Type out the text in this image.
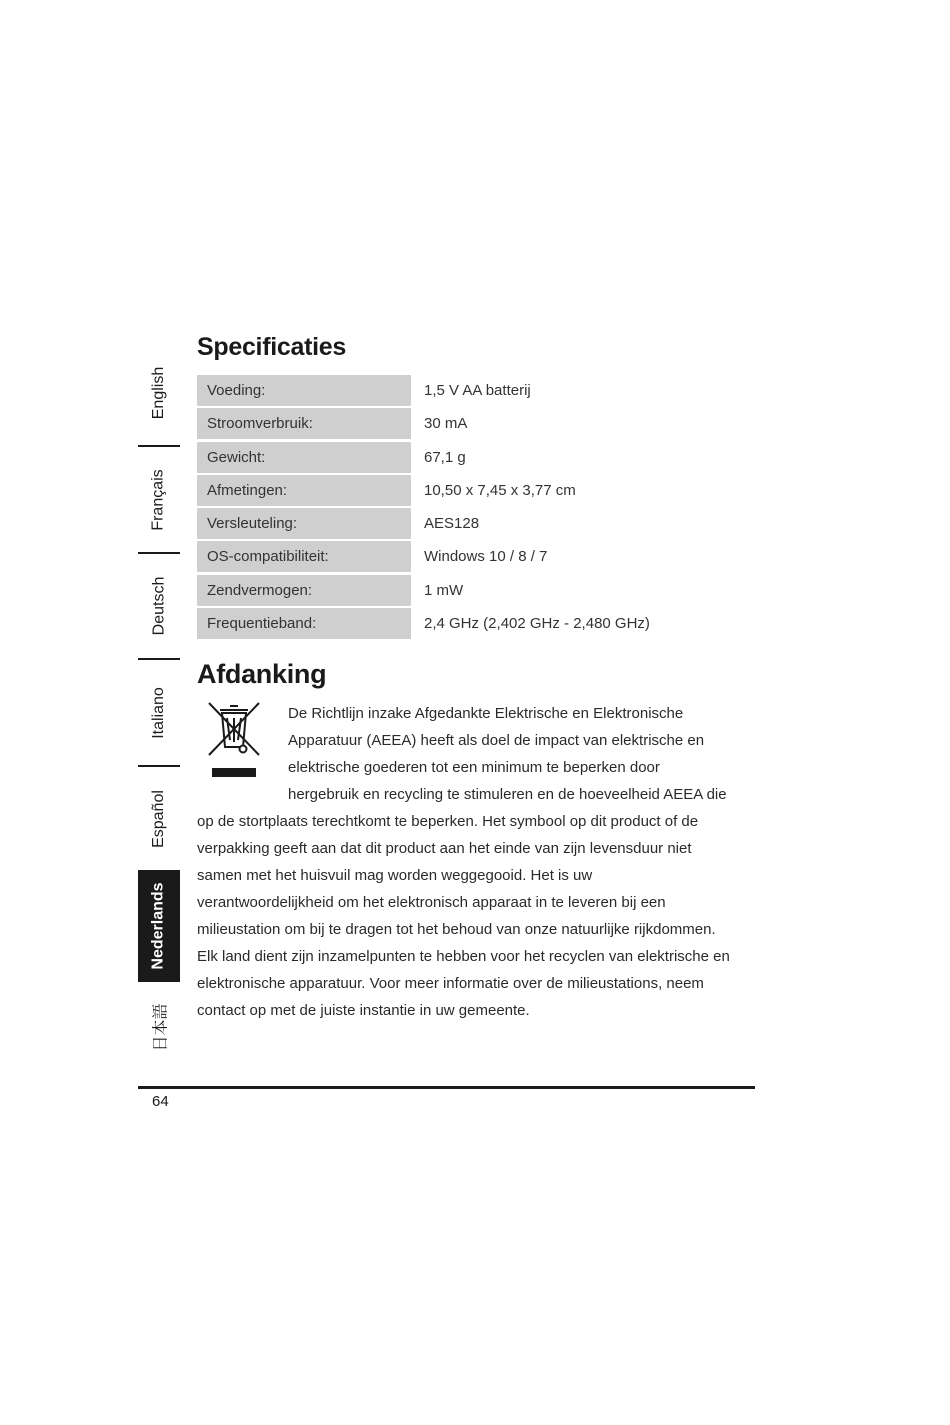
English
Français
Deutsch
Italiano
Español
Nederlands
日本語
Specificaties
Voeding:	1,5 V AA batterij
Stroomverbruik:	30 mA
Gewicht:	67,1 g
Afmetingen:	10,50 x 7,45 x 3,77 cm
Versleuteling:	AES128
OS-compatibiliteit:	Windows 10 / 8 / 7
Zendvermogen:	1 mW
Frequentieband:	2,4 GHz (2,402 GHz - 2,480 GHz)
Afdanking
De Richtlijn inzake Afgedankte Elektrische en Elektronische
Apparatuur (AEEA) heeft als doel de impact van elektrische en
elektrische goederen tot een minimum te beperken door
hergebruik en recycling te stimuleren en de hoeveelheid AEEA die
op de stortplaats terechtkomt te beperken. Het symbool op dit product of de
verpakking geeft aan dat dit product aan het einde van zijn levensduur niet
samen met het huisvuil mag worden weggegooid. Het is uw
verantwoordelijkheid om het elektronisch apparaat in te leveren bij een
milieustation om bij te dragen tot het behoud van onze natuurlijke rijkdommen.
Elk land dient zijn inzamelpunten te hebben voor het recyclen van elektrische en
elektronische apparatuur. Voor meer informatie over de milieustations, neem
contact op met de juiste instantie in uw gemeente.
64
